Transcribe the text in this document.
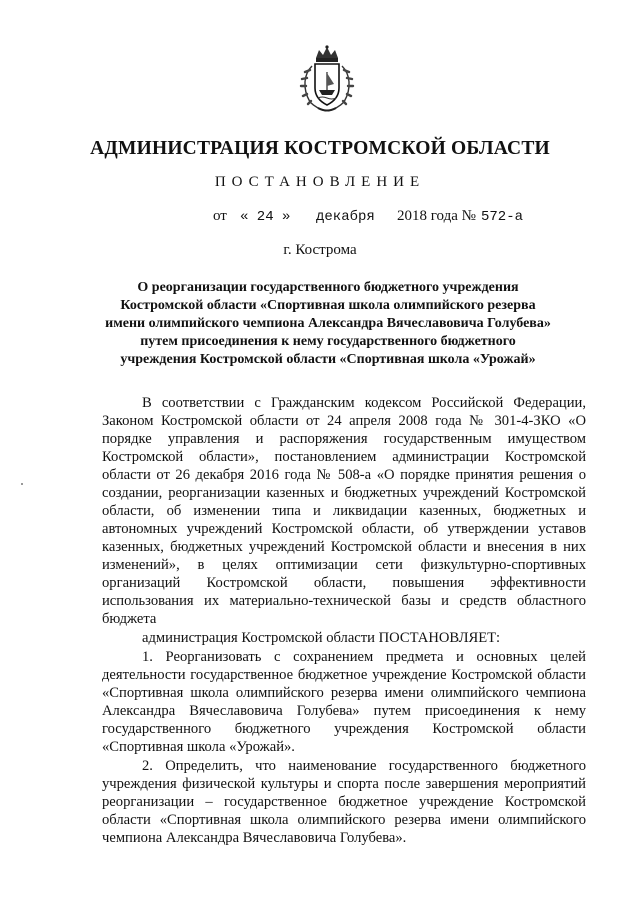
АДМИНИСТРАЦИЯ КОСТРОМСКОЙ ОБЛАСТИ
ПОСТАНОВЛЕНИЕ
от « 24 » декабря 2018 года № 572-а
г. Кострома
О реорганизации государственного бюджетного учреждения
Костромской области «Спортивная школа олимпийского резерва
имени олимпийского чемпиона Александра Вячеславовича Голубева»
путем присоединения к нему государственного бюджетного
учреждения Костромской области «Спортивная школа «Урожай»

В соответствии с Гражданским кодексом Российской Федерации, Законом Костромской области от 24 апреля 2008 года № 301-4-ЗКО «О порядке управления и распоряжения государственным имуществом Костромской области», постановлением администрации Костромской области от 26 декабря 2016 года № 508-а «О порядке принятия решения о создании, реорганизации казенных и бюджетных учреждений Костромской области, об изменении типа и ликвидации казенных, бюджетных и автономных учреждений Костромской области, об утверждении уставов казенных, бюджетных учреждений Костромской области и внесения в них изменений», в целях оптимизации сети физкультурно-спортивных организаций Костромской области, повышения эффективности использования их материально-технической базы и средств областного бюджета

администрация Костромской области ПОСТАНОВЛЯЕТ:

1. Реорганизовать с сохранением предмета и основных целей деятельности государственное бюджетное учреждение Костромской области «Спортивная школа олимпийского резерва имени олимпийского чемпиона Александра Вячеславовича Голубева» путем присоединения к нему государственного бюджетного учреждения Костромской области «Спортивная школа «Урожай».

2. Определить, что наименование государственного бюджетного учреждения физической культуры и спорта после завершения мероприятий реорганизации – государственное бюджетное учреждение Костромской области «Спортивная школа олимпийского резерва имени олимпийского чемпиона Александра Вячеславовича Голубева».
